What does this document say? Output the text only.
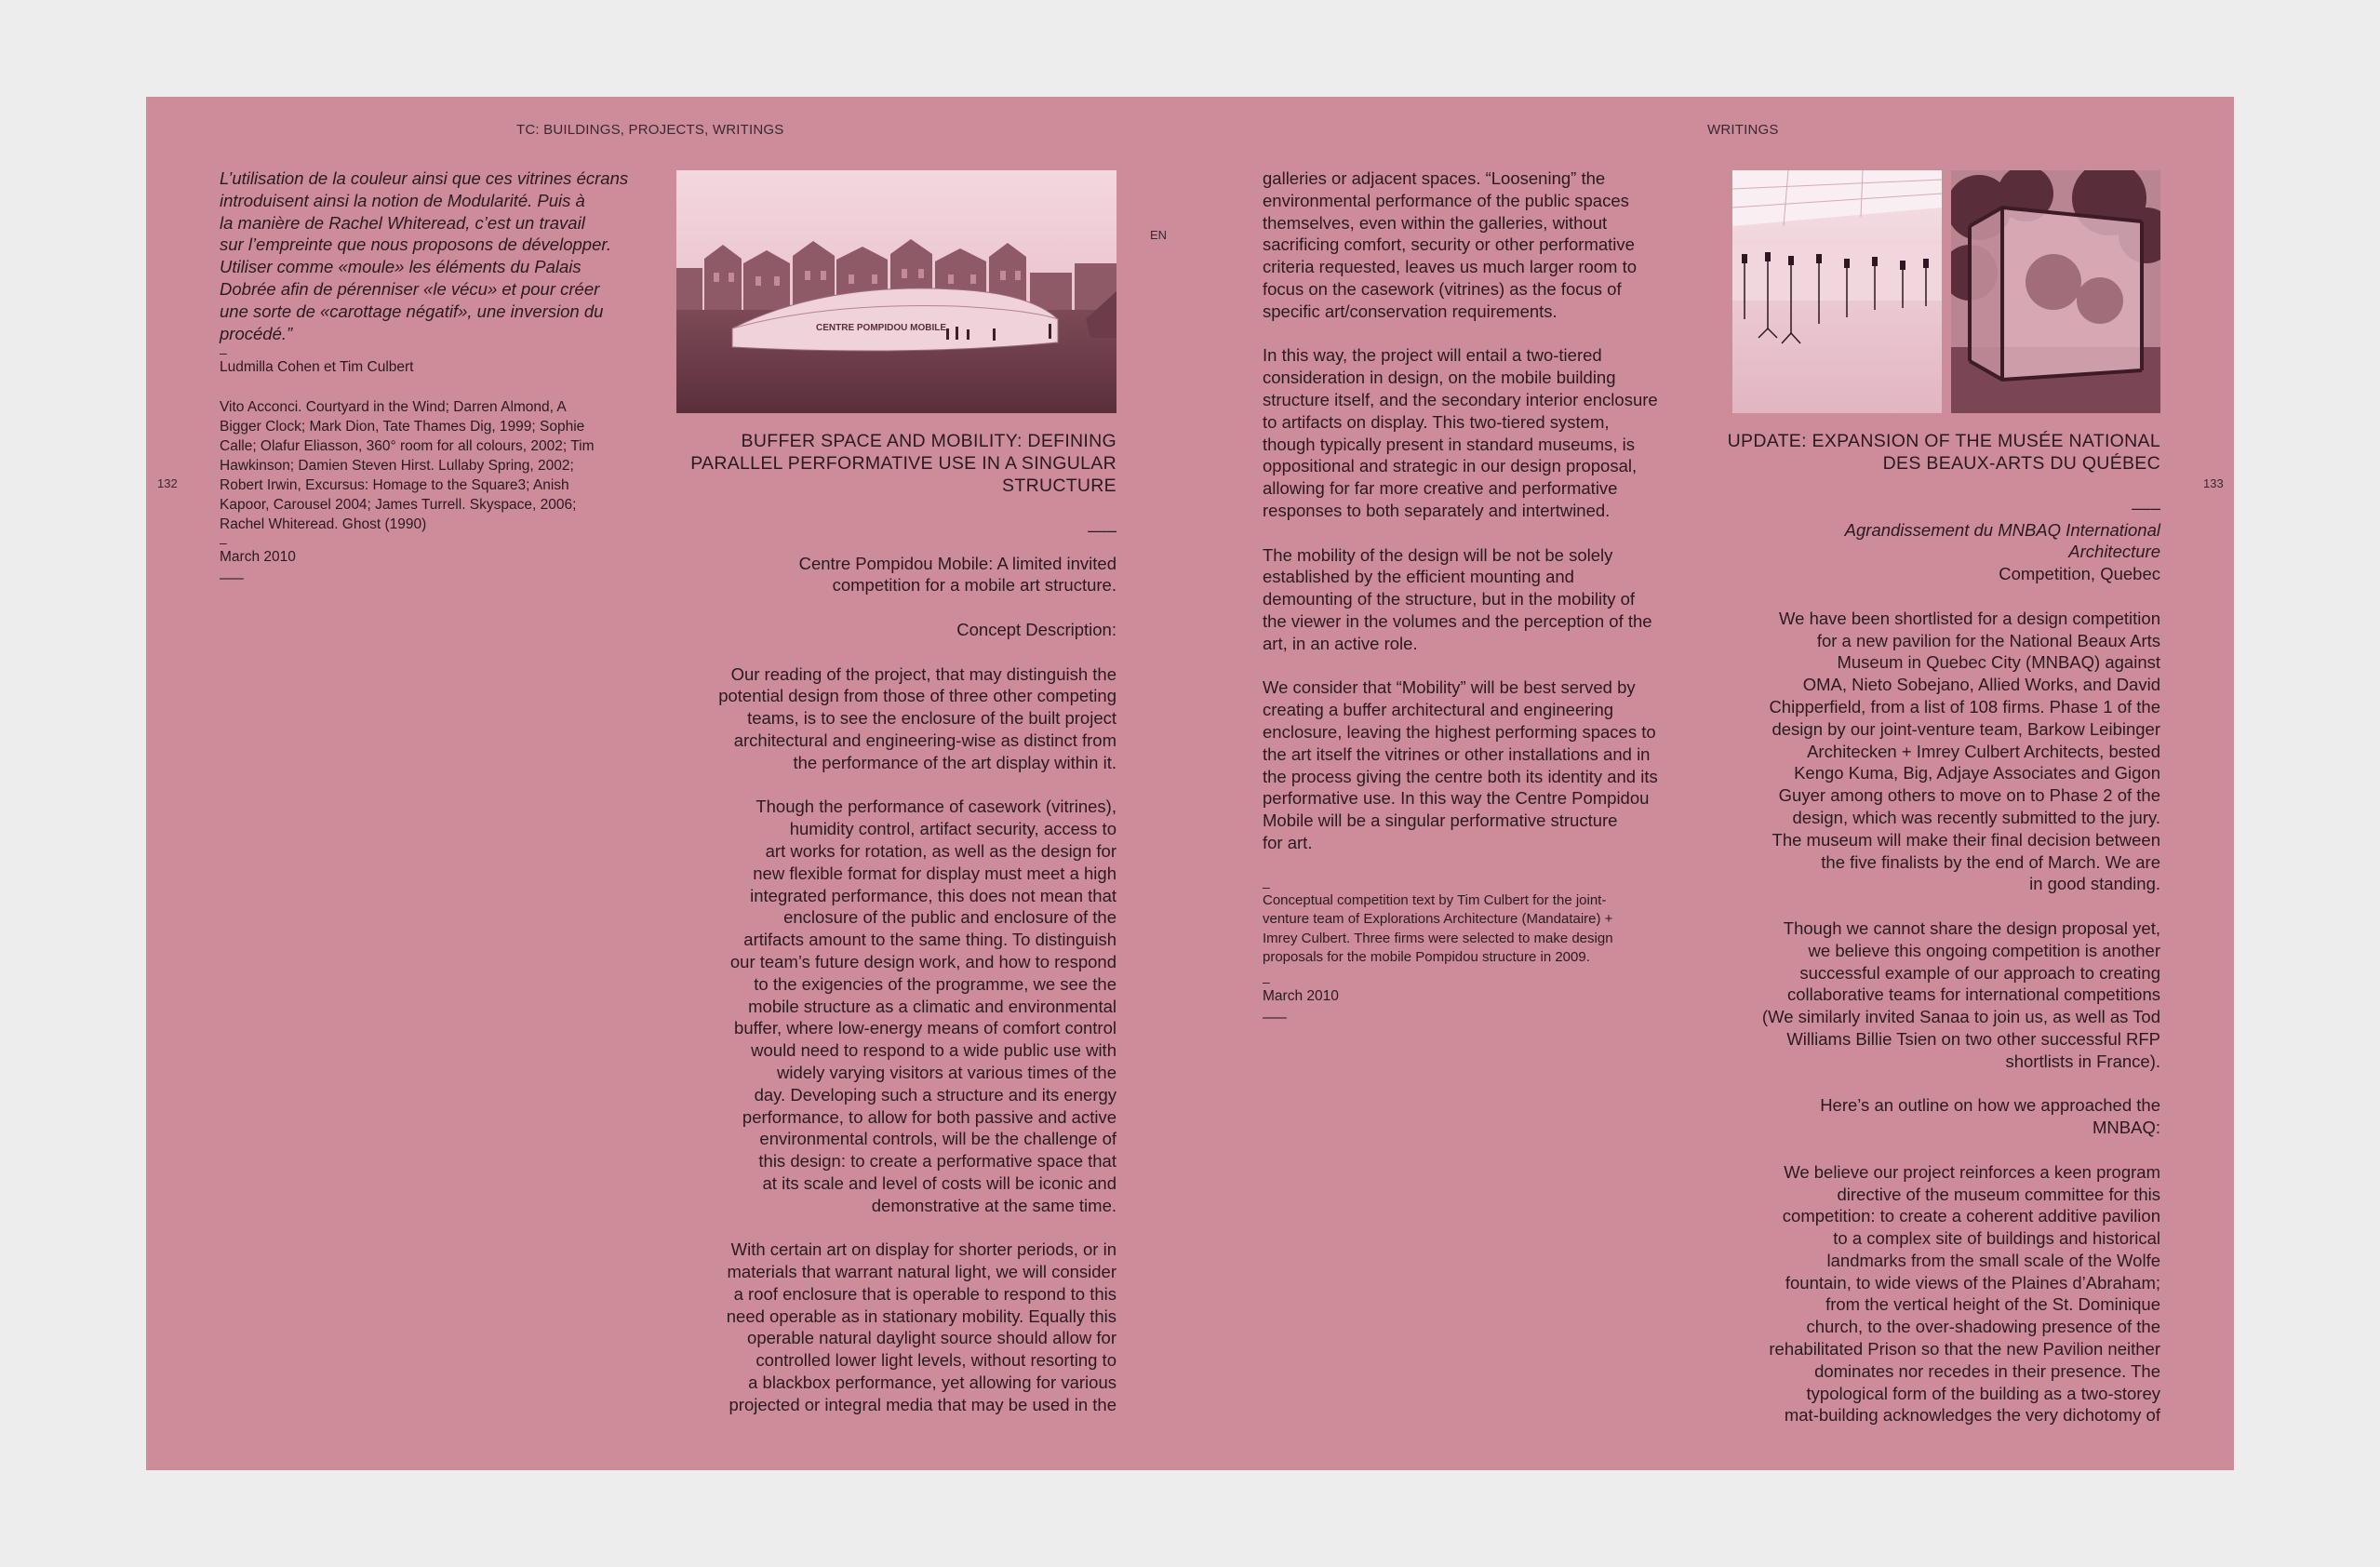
TC: BUILDINGS, PROJECTS, WRITINGS	WRITINGS
132	133
EN

L’utilisation de la couleur ainsi que ces vitrines écrans
introduisent ainsi la notion de Modularité. Puis à
la manière de Rachel Whiteread, c’est un travail
sur l’empreinte que nous proposons de développer.
Utiliser comme «moule» les éléments du Palais
Dobrée afin de pérenniser «le vécu» et pour créer
une sorte de «carottage négatif», une inversion du
procédé.”

–

Ludmilla Cohen et Tim Culbert

Vito Acconci. Courtyard in the Wind; Darren Almond, A
Bigger Clock; Mark Dion, Tate Thames Dig, 1999; Sophie
Calle; Olafur Eliasson, 360° room for all colours, 2002; Tim
Hawkinson; Damien Steven Hirst. Lullaby Spring, 2002;
Robert Irwin, Excursus: Homage to the Square3; Anish
Kapoor, Carousel 2004; James Turrell. Skyspace, 2006;
Rachel Whiteread. Ghost (1990)

–

March 2010

–––

CENTRE POMPIDOU MOBILE

BUFFER SPACE AND MOBILITY: DEFINING
PARALLEL PERFORMATIVE USE IN A SINGULAR
STRUCTURE

–––

Centre Pompidou Mobile: A limited invited
competition for a mobile art structure.

Concept Description:

Our reading of the project, that may distinguish the
potential design from those of three other competing
teams, is to see the enclosure of the built project
architectural and engineering-wise as distinct from
the performance of the art display within it.

Though the performance of casework (vitrines),
humidity control, artifact security, access to
art works for rotation, as well as the design for
new flexible format for display must meet a high
integrated performance, this does not mean that
enclosure of the public and enclosure of the
artifacts amount to the same thing. To distinguish
our team’s future design work, and how to respond
to the exigencies of the programme, we see the
mobile structure as a climatic and environmental
buffer, where low-energy means of comfort control
would need to respond to a wide public use with
widely varying visitors at various times of the
day. Developing such a structure and its energy
performance, to allow for both passive and active
environmental controls, will be the challenge of
this design: to create a performative space that
at its scale and level of costs will be iconic and
demonstrative at the same time.

With certain art on display for shorter periods, or in
materials that warrant natural light, we will consider
a roof enclosure that is operable to respond to this
need operable as in stationary mobility. Equally this
operable natural daylight source should allow for
controlled lower light levels, without resorting to
a blackbox performance, yet allowing for various
projected or integral media that may be used in the

galleries or adjacent spaces. “Loosening” the
environmental performance of the public spaces
themselves, even within the galleries, without
sacrificing comfort, security or other performative
criteria requested, leaves us much larger room to
focus on the casework (vitrines) as the focus of
specific art/conservation requirements.

In this way, the project will entail a two-tiered
consideration in design, on the mobile building
structure itself, and the secondary interior enclosure
to artifacts on display. This two-tiered system,
though typically present in standard museums, is
oppositional and strategic in our design proposal,
allowing for far more creative and performative
responses to both separately and intertwined.

The mobility of the design will be not be solely
established by the efficient mounting and
demounting of the structure, but in the mobility of
the viewer in the volumes and the perception of the
art, in an active role.

We consider that “Mobility” will be best served by
creating a buffer architectural and engineering
enclosure, leaving the highest performing spaces to
the art itself the vitrines or other installations and in
the process giving the centre both its identity and its
performative use. In this way the Centre Pompidou
Mobile will be a singular performative structure
for art.

–

Conceptual competition text by Tim Culbert for the joint-
venture team of Explorations Architecture (Mandataire) +
Imrey Culbert. Three firms were selected to make design
proposals for the mobile Pompidou structure in 2009.

–

March 2010

–––

UPDATE: EXPANSION OF THE MUSÉE NATIONAL
DES BEAUX-ARTS DU QUÉBEC

–––

Agrandissement du MNBAQ International
Architecture

Competition, Quebec

We have been shortlisted for a design competition
for a new pavilion for the National Beaux Arts
Museum in Quebec City (MNBAQ) against
OMA, Nieto Sobejano, Allied Works, and David
Chipperfield, from a list of 108 firms. Phase 1 of the
design by our joint-venture team, Barkow Leibinger
Architecken + Imrey Culbert Architects, bested
Kengo Kuma, Big, Adjaye Associates and Gigon
Guyer among others to move on to Phase 2 of the
design, which was recently submitted to the jury.
The museum will make their final decision between
the five finalists by the end of March. We are
in good standing.

Though we cannot share the design proposal yet,
we believe this ongoing competition is another
successful example of our approach to creating
collaborative teams for international competitions
(We similarly invited Sanaa to join us, as well as Tod
Williams Billie Tsien on two other successful RFP
shortlists in France).

Here’s an outline on how we approached the
MNBAQ:

We believe our project reinforces a keen program
directive of the museum committee for this
competition: to create a coherent additive pavilion
to a complex site of buildings and historical
landmarks from the small scale of the Wolfe
fountain, to wide views of the Plaines d’Abraham;
from the vertical height of the St. Dominique
church, to the over-shadowing presence of the
rehabilitated Prison so that the new Pavilion neither
dominates nor recedes in their presence. The
typological form of the building as a two-storey
mat-building acknowledges the very dichotomy of
